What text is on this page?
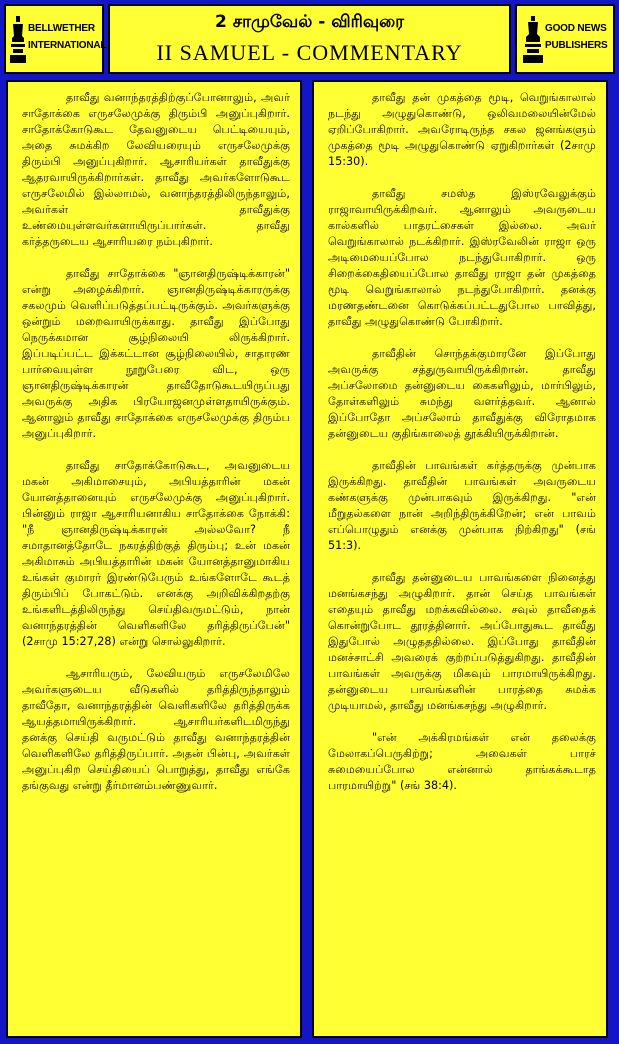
BELLWETHER
INTERNATIONAL
2 சாமுவேல் - விரிவுரை
II SAMUEL - COMMENTARY
GOOD NEWS
PUBLISHERS

தாவீது வனாந்தரத்திற்குப்போனாலும், அவர் சாதோக்கை எருசலேமுக்கு திரும்பி அனுப்புகிறார். சாதோக்கோடுகூட தேவனுடைய பெட்டியையும், அதை சுமக்கிற லேவியரையும் எருசலேமுக்கு திரும்பி அனுப்புகிறார். ஆசாரியர்கள் தாவீதுக்கு ஆதரவாயிருக்கிறார்கள். தாவீது அவர்களோடுகூட எருசலேமில் இல்லாமல், வனாந்தரத்திலிருந்தாலும், அவர்கள் தாவீதுக்கு உண்மையுள்ளவர்களாயிருப்பார்கள். தாவீது கர்த்தருடைய ஆசாரியரை நம்புகிறார்.

தாவீது சாதோக்கை "ஞானதிருஷ்டிக்காரன்" என்று அழைக்கிறார். ஞானதிருஷ்டிக்காரருக்கு சகலமும் வெளிப்படுத்தப்பட்டிருக்கும். அவர்களுக்கு ஒன்றும் மறைவாயிருக்காது. தாவீது இப்போது நெருக்கமான சூழ்நிலையி லிருக்கிறார். இப்படிப்பட்ட இக்கட்டான சூழ்நிலையில், சாதாரண பார்வையுள்ள நூறுபேரை விட, ஒரு ஞானதிருஷ்டிக்காரன் தாவீதோடுகூடயிருப்பது அவருக்கு அதிக பிரயோஜனமுள்ளதாயிருக்கும். ஆனாலும் தாவீது சாதோக்கை எருசலேமுக்கு திரும்ப அனுப்புகிறார்.

தாவீது சாதோக்கோடுகூட, அவனுடைய மகன் அகிமாசையும், அபியத்தாரின் மகன் யோனத்தானையும் எருசலேமுக்கு அனுப்புகிறார். பின்னும் ராஜா ஆசாரியனாகிய சாதோக்கை நோக்கி: "நீ ஞானதிருஷ்டிக்காரன் அல்லவோ? நீ சமாதானத்தோடே நகரத்திற்குத் திரும்பு; உன் மகன் அகிமாசும் அபியத்தாரின் மகன் யோனத்தானுமாகிய உங்கள் குமாரர் இரண்டுபேரும் உங்களோடே கூடத் திரும்பிப் போகட்டும். எனக்கு அறிவிக்கிறதற்கு உங்களிடத்திலிருந்து செய்திவருமட்டும், நான் வனாந்தரத்தின் வெளிகளிலே தரித்திருப்பேன்" (2சாமு 15:27,28) என்று சொல்லுகிறார்.

ஆசாரியரும், லேவியரும் எருசலேமிலே அவர்களுடைய வீடுகளில் தரித்திருந்தாலும் தாவீதோ, வனாந்தரத்தின் வெளிகளிலே தரித்திருக்க ஆயத்தமாயிருக்கிறார். ஆசாரியர்களிடமிருந்து தனக்கு செய்தி வருமட்டும் தாவீது வனாந்தரத்தின் வெளிகளிலே தரித்திருப்பார். அதன் பின்பு, அவர்கள் அனுப்புகிற செய்தியைப் பொறுத்து, தாவீது எங்கே தங்குவது என்று தீர்மானம்பண்ணுவார்.

தாவீது தன் முகத்தை மூடி, வெறுங்காலால் நடந்து அழுதுகொண்டு, ஒலிவமலையின்மேல் ஏறிப்போகிறார். அவரோடிருந்த சகல ஜனங்களும் முகத்தை மூடி அழுதுகொண்டு ஏறுகிறார்கள் (2சாமு 15:30).

தாவீது சமஸ்த இஸ்ரவேலுக்கும் ராஜாவாயிருக்கிறவர். ஆனாலும் அவருடைய கால்களில் பாதரட்சைகள் இல்லை. அவர் வெறுங்காலால் நடக்கிறார். இஸ்ரவேலின் ராஜா ஒரு அடிமையைப்போல நடந்துபோகிறார். ஒரு சிறைக்கைதியைப்போல தாவீது ராஜா தன் முகத்தை மூடி வெறுங்காலால் நடந்துபோகிறார். தனக்கு மரணதண்டனை கொடுக்கப்பட்டதுபோல பாவித்து, தாவீது அழுதுகொண்டு போகிறார்.

தாவீதின் சொந்தக்குமாரனே இப்போது அவருக்கு சத்துருவாயிருக்கிறான். தாவீது அப்சலோமை தன்னுடைய கைகளிலும், மார்பிலும், தோள்களிலும் சுமந்து வளர்த்தவர். ஆனால் இப்போதோ அப்சலோம் தாவீதுக்கு விரோதமாக தன்னுடைய குதிங்காலைத் தூக்கியிருக்கிறான்.

தாவீதின் பாவங்கள் கர்த்தருக்கு முன்பாக இருக்கிறது. தாவீதின் பாவங்கள் அவருடைய கண்களுக்கு முன்பாகவும் இருக்கிறது. "என் மீறுதல்களை நான் அறிந்திருக்கிறேன்; என் பாவம் எப்பொழுதும் எனக்கு முன்பாக நிற்கிறது" (சங் 51:3).

தாவீது தன்னுடைய பாவங்களை நினைத்து மனங்கசந்து அழுகிறார். தான் செய்த பாவங்கள் எதையும் தாவீது மறக்கவில்லை. சவுல் தாவீதைக் கொன்றுபோட தூரத்தினார். அப்போதுகூட தாவீது இதுபோல் அழுதததில்லை. இப்போது தாவீதின் மனச்சாட்சி அவரைக் குற்றப்படுத்துகிறது. தாவீதின் பாவங்கள் அவருக்கு மிகவும் பாரமாயிருக்கிறது. தன்னுடைய பாவங்களின் பாரத்தை சுமக்க முடியாமல், தாவீது மனங்கசந்து அழுகிறார்.

"என் அக்கிரமங்கள் என் தலைக்கு மேலாகப்பெருகிற்று; அவைகள் பாரச் சுமையைப்போல என்னால் தாங்கக்கூடாத பாரமாயிற்று" (சங் 38:4).
